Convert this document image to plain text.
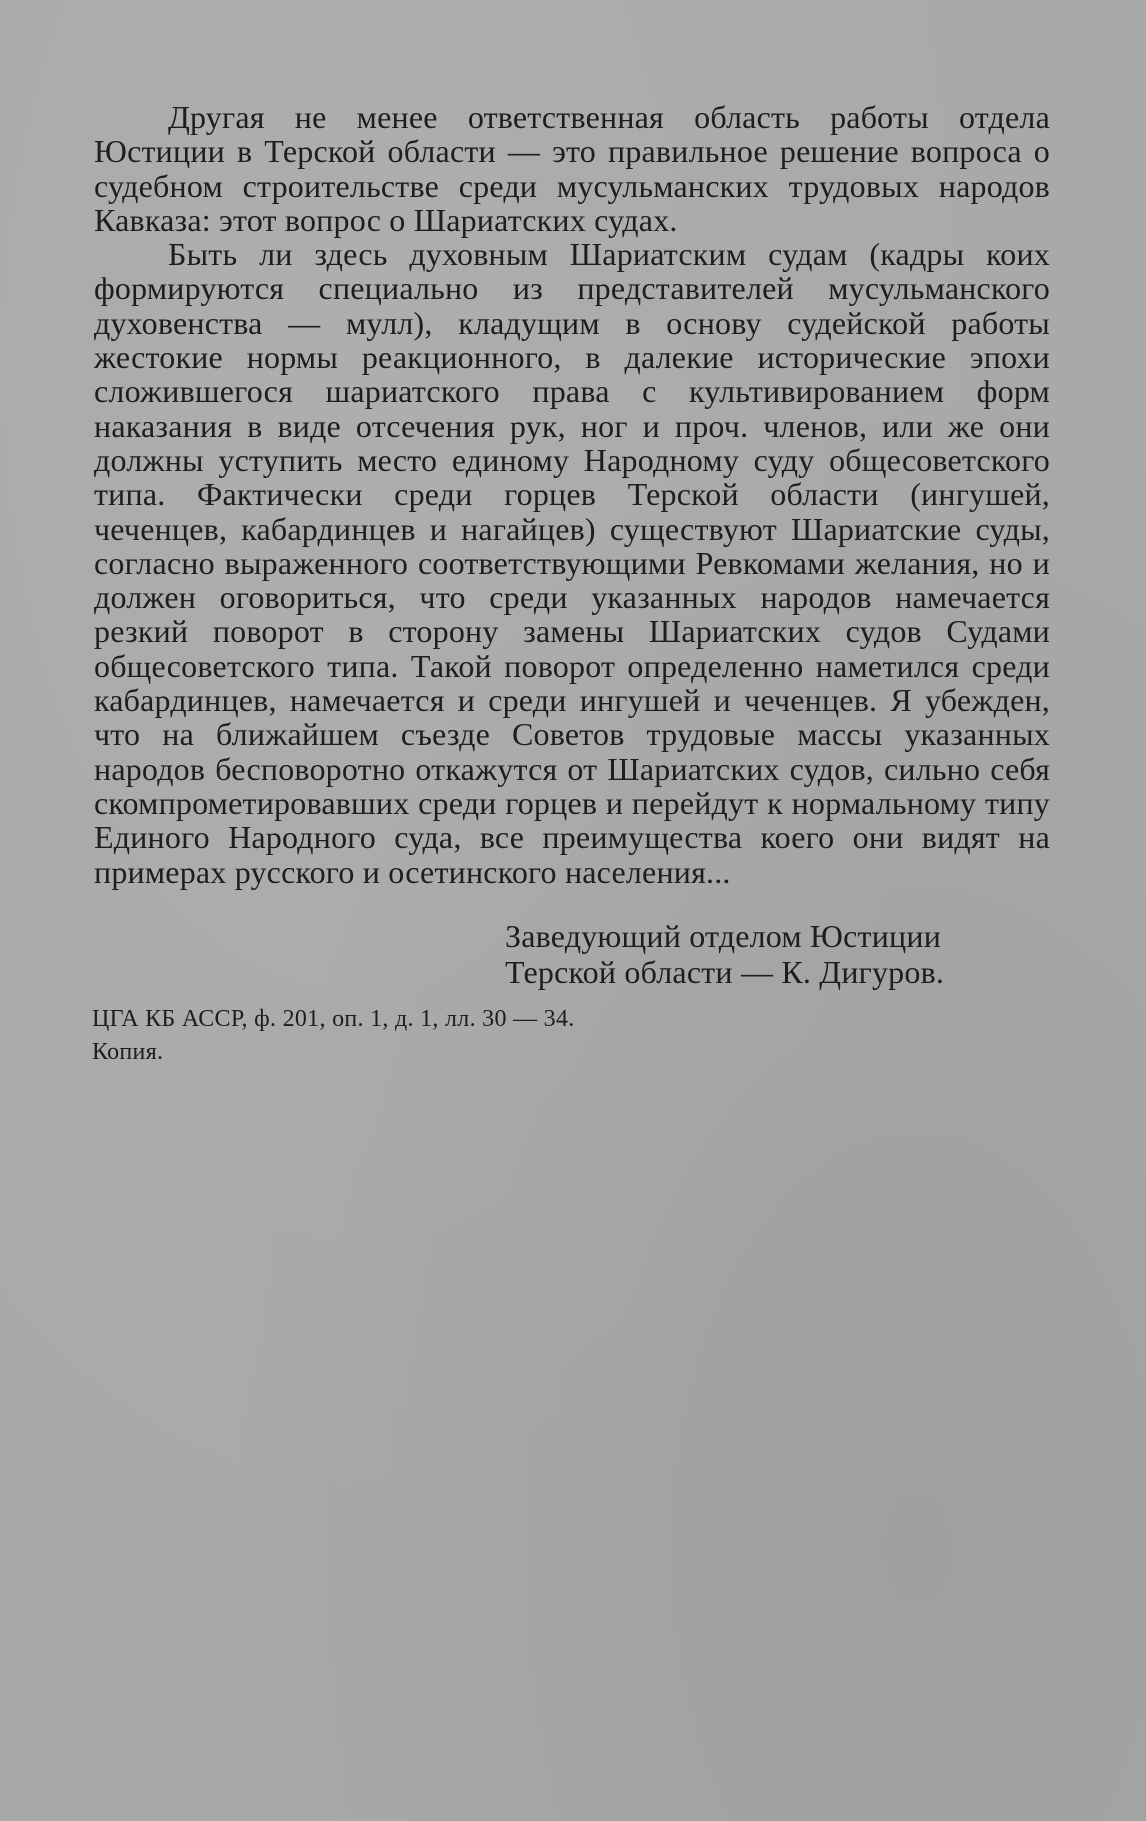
Другая не менее ответственная область работы отдела Юстиции в Терской области — это правильное решение вопроса о судебном строительстве среди мусульманских трудовых народов Кавказа: этот вопрос о Шариатских судах.

Быть ли здесь духовным Шариатским судам (кадры коих формируются специально из представителей мусульманского духовенства — мулл), кладущим в основу судейской работы жестокие нормы реакционного, в далекие исторические эпохи сложившегося шариатского права с культивированием форм наказания в виде отсечения рук, ног и проч. членов, или же они должны уступить место единому Народному суду общесоветского типа. Фактически среди горцев Терской области (ингушей, чеченцев, кабардинцев и нагайцев) существуют Шариатские суды, согласно выраженного соответствующими Ревкомами желания, но и должен оговориться, что среди указанных народов намечается резкий поворот в сторону замены Шариатских судов Судами общесоветского типа. Такой поворот определенно наметился среди кабардинцев, намечается и среди ингушей и чеченцев. Я убежден, что на ближайшем съезде Советов трудовые массы указанных народов бесповоротно откажутся от Шариатских судов, сильно себя скомпрометировавших среди горцев и перейдут к нормальному типу Единого Народного суда, все преимущества коего они видят на примерах русского и осетинского населения...

Заведующий отделом Юстиции
Терской области — К. Дигуров.
ЦГА КБ АССР, ф. 201, оп. 1, д. 1, лл. 30 — 34.
Копия.
